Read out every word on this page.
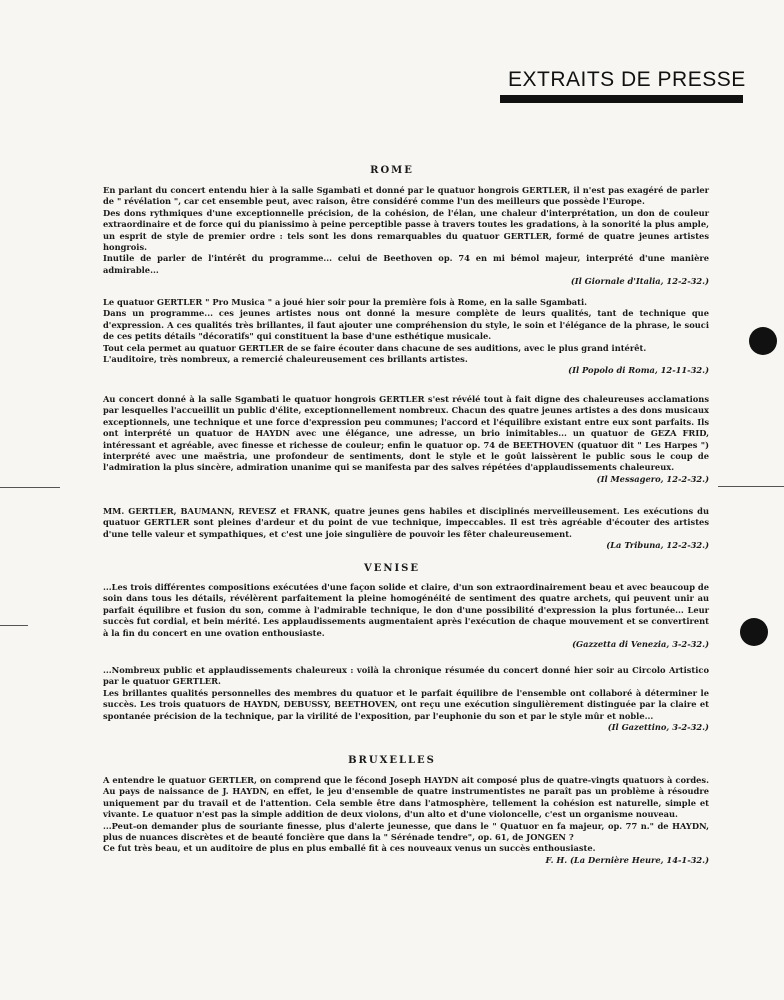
EXTRAITS DE PRESSE
ROME

En parlant du concert entendu hier à la salle Sgambati et donné par le quatuor hongrois GERTLER, il n'est pas exagéré de parler de " révélation ", car cet ensemble peut, avec raison, être considéré comme l'un des meilleurs que possède l'Europe.

Des dons rythmiques d'une exceptionnelle précision, de la cohésion, de l'élan, une chaleur d'interprétation, un don de couleur extraordinaire et de force qui du pianissimo à peine perceptible passe à travers toutes les gradations, à la sonorité la plus ample, un esprit de style de premier ordre : tels sont les dons remarquables du quatuor GERTLER, formé de quatre jeunes artistes hongrois.

Inutile de parler de l'intérêt du programme... celui de Beethoven op. 74 en mi bémol majeur, interprété d'une manière admirable...

(Il Giornale d'Italia, 12-2-32.)

Le quatuor GERTLER " Pro Musica " a joué hier soir pour la première fois à Rome, en la salle Sgambati.

Dans un programme... ces jeunes artistes nous ont donné la mesure complète de leurs qualités, tant de technique que d'expression. A ces qualités très brillantes, il faut ajouter une compréhension du style, le soin et l'élégance de la phrase, le souci de ces petits détails "décoratifs" qui constituent la base d'une esthétique musicale.

Tout cela permet au quatuor GERTLER de se faire écouter dans chacune de ses auditions, avec le plus grand intérêt.

L'auditoire, très nombreux, a remercié chaleureusement ces brillants artistes.

(Il Popolo di Roma, 12-11-32.)

Au concert donné à la salle Sgambati le quatuor hongrois GERTLER s'est révélé tout à fait digne des chaleureuses acclamations par lesquelles l'accueillit un public d'élite, exceptionnellement nombreux. Chacun des quatre jeunes artistes a des dons musicaux exceptionnels, une technique et une force d'expression peu communes; l'accord et l'équilibre existant entre eux sont parfaits. Ils ont interprété un quatuor de HAYDN avec une élégance, une adresse, un brio inimitables... un quatuor de GEZA FRID, intéressant et agréable, avec finesse et richesse de couleur; enfin le quatuor op. 74 de BEETHOVEN (quatuor dit " Les Harpes ") interprété avec une maëstria, une profondeur de sentiments, dont le style et le goût laissèrent le public sous le coup de l'admiration la plus sincère, admiration unanime qui se manifesta par des salves répétées d'applaudissements chaleureux.

(Il Messagero, 12-2-32.)

MM. GERTLER, BAUMANN, REVESZ et FRANK, quatre jeunes gens habiles et disciplinés merveilleusement. Les exécutions du quatuor GERTLER sont pleines d'ardeur et du point de vue technique, impeccables. Il est très agréable d'écouter des artistes d'une telle valeur et sympathiques, et c'est une joie singulière de pouvoir les fêter chaleureusement.

(La Tribuna, 12-2-32.)

VENISE

...Les trois différentes compositions exécutées d'une façon solide et claire, d'un son extraordinairement beau et avec beaucoup de soin dans tous les détails, révélèrent parfaitement la pleine homogénéité de sentiment des quatre archets, qui peuvent unir au parfait équilibre et fusion du son, comme à l'admirable technique, le don d'une possibilité d'expression la plus fortunée... Leur succès fut cordial, et bein mérité. Les applaudissements augmentaient après l'exécution de chaque mouvement et se convertirent à la fin du concert en une ovation enthousiaste.

(Gazzetta di Venezia, 3-2-32.)

...Nombreux public et applaudissements chaleureux : voilà la chronique résumée du concert donné hier soir au Circolo Artistico par le quatuor GERTLER.

Les brillantes qualités personnelles des membres du quatuor et le parfait équilibre de l'ensemble ont collaboré à déterminer le succès. Les trois quatuors de HAYDN, DEBUSSY, BEETHOVEN, ont reçu une exécution singulièrement distinguée par la claire et spontanée précision de la technique, par la virilité de l'exposition, par l'euphonie du son et par le style mûr et noble...

(Il Gazettino, 3-2-32.)

BRUXELLES

A entendre le quatuor GERTLER, on comprend que le fécond Joseph HAYDN ait composé plus de quatre-vingts quatuors à cordes. Au pays de naissance de J. HAYDN, en effet, le jeu d'ensemble de quatre instrumentistes ne paraît pas un problème à résoudre uniquement par du travail et de l'attention. Cela semble être dans l'atmosphère, tellement la cohésion est naturelle, simple et vivante. Le quatuor n'est pas la simple addition de deux violons, d'un alto et d'une violoncelle, c'est un organisme nouveau.

...Peut-on demander plus de souriante finesse, plus d'alerte jeunesse, que dans le " Quatuor en fa majeur, op. 77 n." de HAYDN, plus de nuances discrètes et de beauté foncière que dans la " Sérénade tendre", op. 61, de JONGEN ?

Ce fut très beau, et un auditoire de plus en plus emballé fit à ces nouveaux venus un succès enthousiaste.

F. H. (La Dernière Heure, 14-1-32.)
